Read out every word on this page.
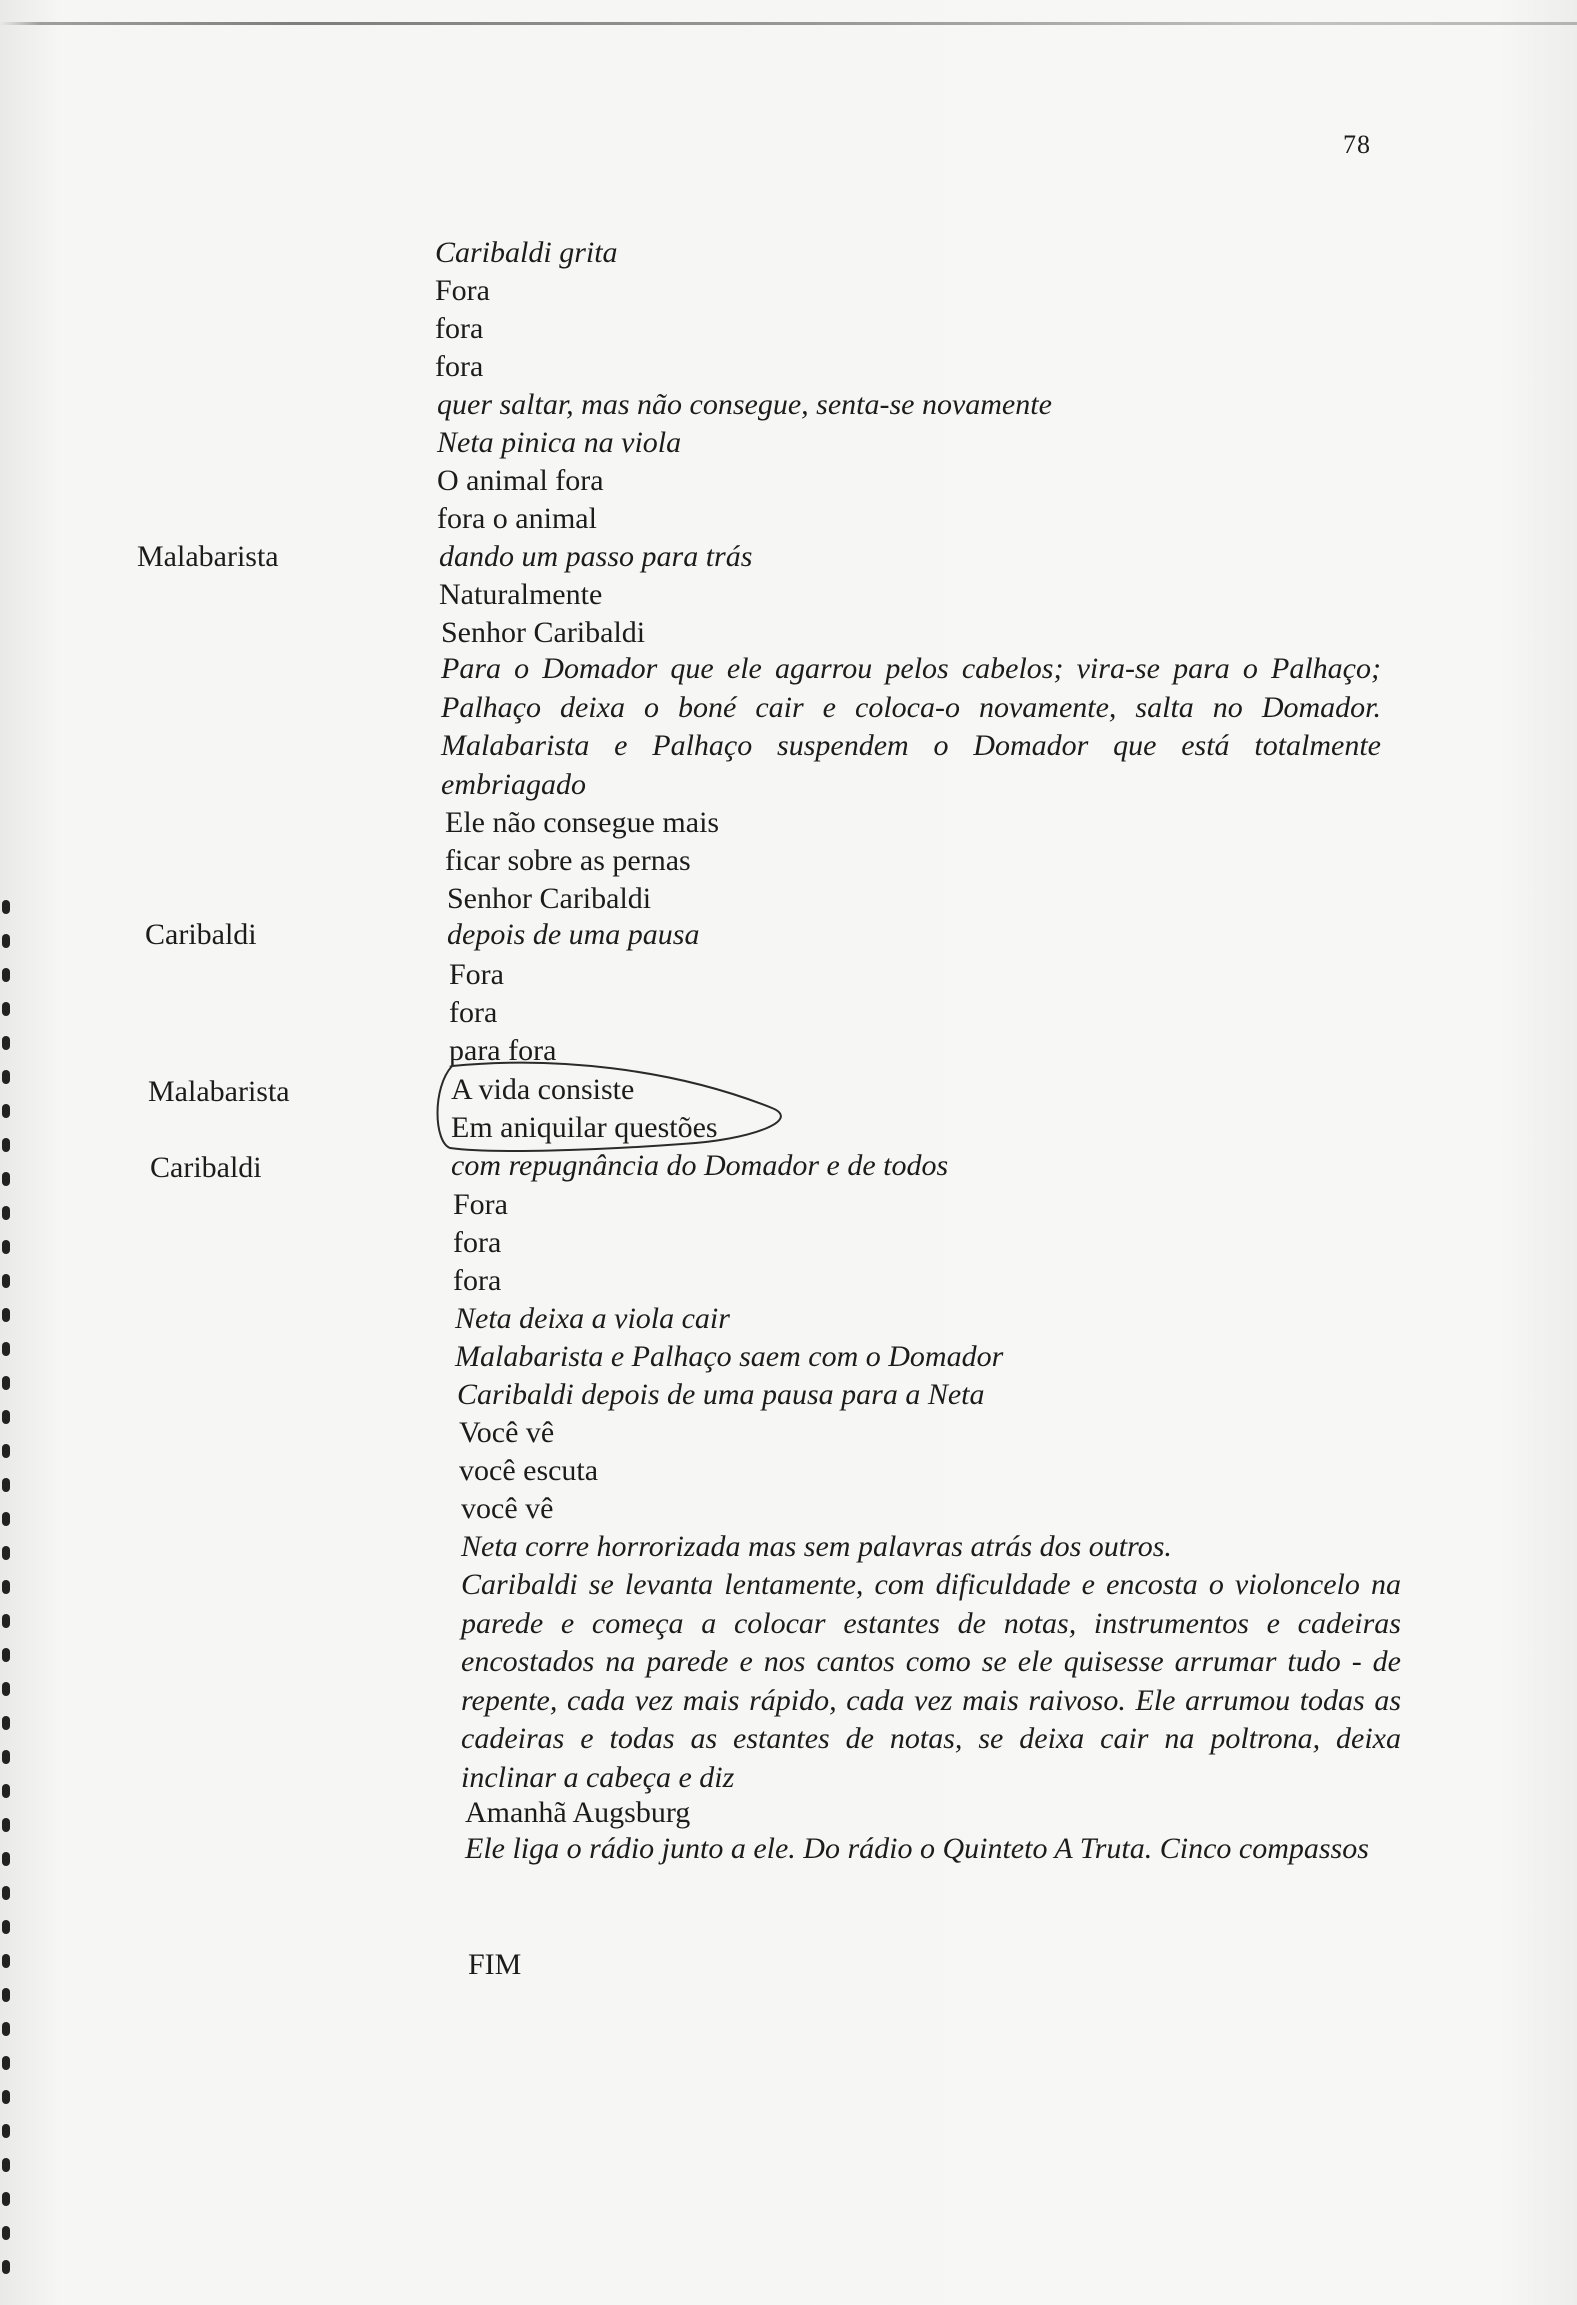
78
Malabarista
Caribaldi
Malabarista
Caribaldi
Caribaldi grita
Fora
fora
fora
quer saltar, mas não consegue, senta-se novamente
Neta pinica na viola
O animal fora
fora o animal
dando um passo para trás
Naturalmente
Senhor Caribaldi
Para o Domador que ele agarrou pelos cabelos; vira-se para o Palhaço; Palhaço deixa o boné cair e coloca-o novamente, salta no Domador. Malabarista e Palhaço suspendem o Domador que está totalmente embriagado
Ele não consegue mais
ficar sobre as pernas
Senhor Caribaldi
depois de uma pausa
Fora
fora
para fora
A vida consiste
Em aniquilar questões
com repugnância do Domador e de todos
Fora
fora
fora
Neta deixa a viola cair
Malabarista e Palhaço saem com o Domador
Caribaldi depois de uma pausa para a Neta
Você vê
você escuta
você vê
Neta corre horrorizada mas sem palavras atrás dos outros.
Caribaldi se levanta lentamente, com dificuldade e encosta o violoncelo na parede e começa a colocar estantes de notas, instrumentos e cadeiras encostados na parede e nos cantos como se ele quisesse arrumar tudo - de repente, cada vez mais rápido, cada vez mais raivoso. Ele arrumou todas as cadeiras e todas as estantes de notas, se deixa cair na poltrona, deixa inclinar a cabeça e diz
Amanhã Augsburg
Ele liga o rádio junto a ele. Do rádio o Quinteto A Truta. Cinco compassos
FIM
